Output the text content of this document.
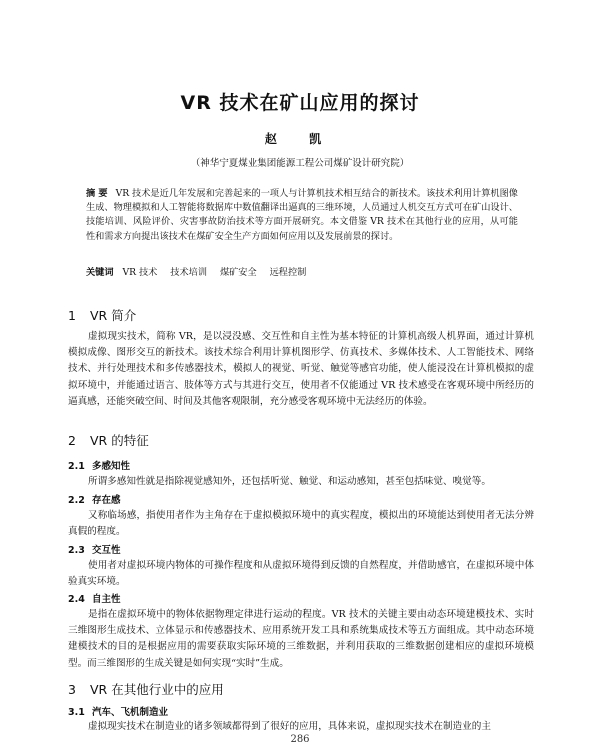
VR 技术在矿山应用的探讨
赵 凯
（神华宁夏煤业集团能源工程公司煤矿设计研究院）
摘 要 VR 技术是近几年发展和完善起来的一项人与计算机技术相互结合的新技术。该技术利用计算机图像生成、物理模拟和人工智能将数据库中数值翻译出逼真的三维环境，人员通过人机交互方式可在矿山设计、技能培训、风险评价、灾害事故防治技术等方面开展研究。本文借鉴 VR 技术在其他行业的应用，从可能性和需求方向提出该技术在煤矿安全生产方面如何应用以及发展前景的探讨。
关键词 VR 技术 技术培训 煤矿安全 远程控制
1 VR 简介
虚拟现实技术，简称 VR，是以浸没感、交互性和自主性为基本特征的计算机高级人机界面，通过计算机模拟成像、图形交互的新技术。该技术综合利用计算机图形学、仿真技术、多媒体技术、人工智能技术、网络技术、并行处理技术和多传感器技术，模拟人的视觉、听觉、触觉等感官功能，使人能浸没在计算机模拟的虚拟环境中，并能通过语言、肢体等方式与其进行交互，使用者不仅能通过 VR 技术感受在客观环境中所经历的逼真感，还能突破空间、时间及其他客观限制，充分感受客观环境中无法经历的体验。
2 VR 的特征
2.1 多感知性
所谓多感知性就是指除视觉感知外，还包括听觉、触觉、和运动感知，甚至包括味觉、嗅觉等。
2.2 存在感
又称临场感，指使用者作为主角存在于虚拟模拟环境中的真实程度，模拟出的环境能达到使用者无法分辨真假的程度。
2.3 交互性
使用者对虚拟环境内物体的可操作程度和从虚拟环境得到反馈的自然程度，并借助感官，在虚拟环境中体验真实环境。
2.4 自主性
是指在虚拟环境中的物体依据物理定律进行运动的程度。VR 技术的关键主要由动态环境建模技术、实时三维图形生成技术、立体显示和传感器技术、应用系统开发工具和系统集成技术等五方面组成。其中动态环境建模技术的目的是根据应用的需要获取实际环境的三维数据，并利用获取的三维数据创建相应的虚拟环境模型。而三维图形的生成关键是如何实现“实时”生成。
3 VR 在其他行业中的应用
3.1 汽车、飞机制造业
虚拟现实技术在制造业的诸多领域都得到了很好的应用，具体来说，虚拟现实技术在制造业的主
286
